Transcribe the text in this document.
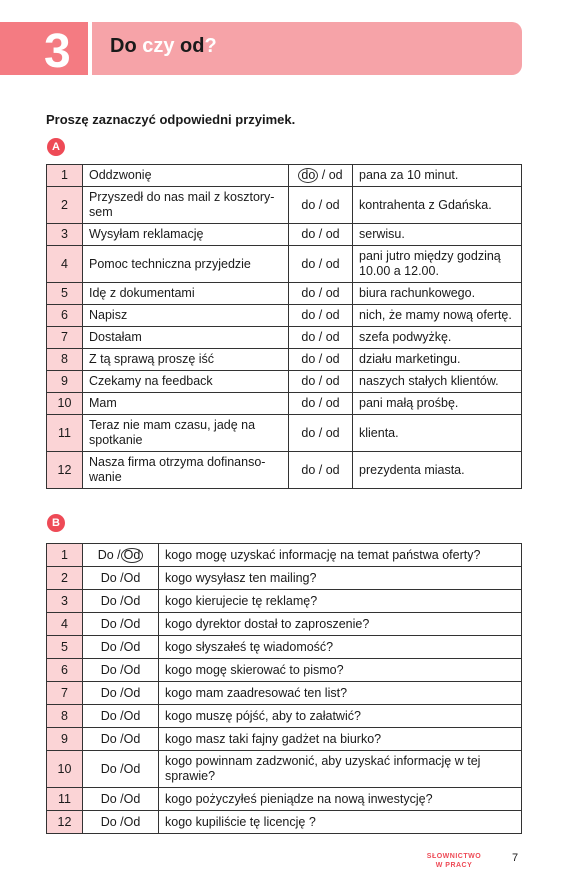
3	Do czy od?
Proszę zaznaczyć odpowiedni przyimek.
A
1	Oddzwonię	do / od	pana za 10 minut.
2	Przyszedł do nas mail z kosztory-sem	do / od	kontrahenta z Gdańska.
3	Wysyłam reklamację	do / od	serwisu.
4	Pomoc techniczna przyjedzie	do / od	pani jutro między godziną 10.00 a 12.00.
5	Idę z dokumentami	do / od	biura rachunkowego.
6	Napisz	do / od	nich, że mamy nową ofertę.
7	Dostałam	do / od	szefa podwyżkę.
8	Z tą sprawą proszę iść	do / od	działu marketingu.
9	Czekamy na feedback	do / od	naszych stałych klientów.
10	Mam	do / od	pani małą prośbę.
11	Teraz nie mam czasu, jadę na spotkanie	do / od	klienta.
12	Nasza firma otrzyma dofinanso-wanie	do / od	prezydenta miasta.
B
1	Do / Od	kogo mogę uzyskać informację na temat państwa oferty?
2	Do /Od	kogo wysyłasz ten mailing?
3	Do /Od	kogo kierujecie tę reklamę?
4	Do /Od	kogo dyrektor dostał to zaproszenie?
5	Do /Od	kogo słyszałeś tę wiadomość?
6	Do /Od	kogo mogę skierować to pismo?
7	Do /Od	kogo mam zaadresować ten list?
8	Do /Od	kogo muszę pójść, aby to załatwić?
9	Do /Od	kogo masz taki fajny gadżet na biurko?
10	Do /Od	kogo powinnam zadzwonić, aby uzyskać informację w tej sprawie?
11	Do /Od	kogo pożyczyłeś pieniądze na nową inwestycję?
12	Do /Od	kogo kupiliście tę licencję ?
SŁOWNICTWO
W PRACY
7
